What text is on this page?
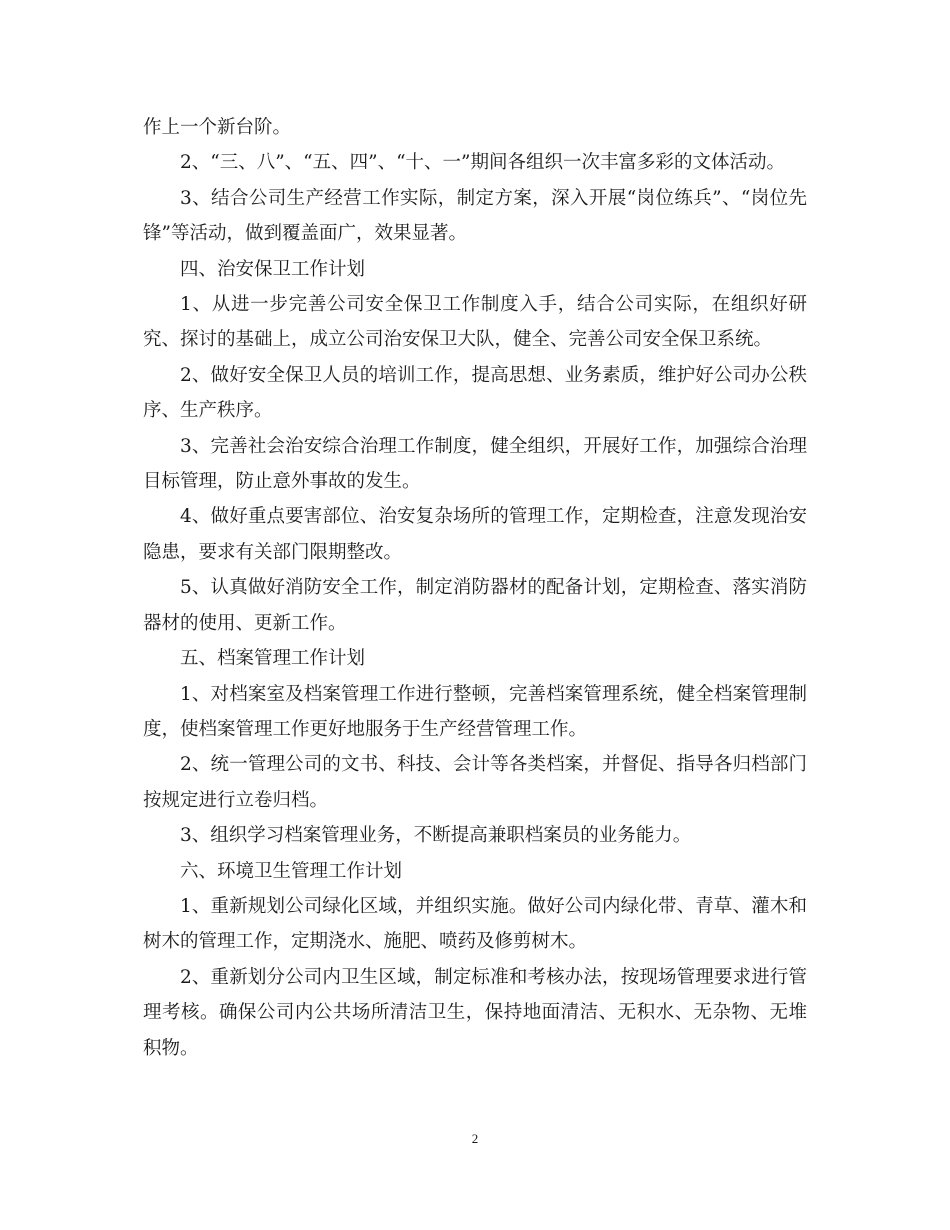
作上一个新台阶。

2、“三、八”、“五、四”、“十、一”期间各组织一次丰富多彩的文体活动。

3、结合公司生产经营工作实际，制定方案，深入开展“岗位练兵”、“岗位先锋”等活动，做到覆盖面广，效果显著。

四、治安保卫工作计划

1、从进一步完善公司安全保卫工作制度入手，结合公司实际，在组织好研究、探讨的基础上，成立公司治安保卫大队，健全、完善公司安全保卫系统。

2、做好安全保卫人员的培训工作，提高思想、业务素质，维护好公司办公秩序、生产秩序。

3、完善社会治安综合治理工作制度，健全组织，开展好工作，加强综合治理目标管理，防止意外事故的发生。

4、做好重点要害部位、治安复杂场所的管理工作，定期检查，注意发现治安隐患，要求有关部门限期整改。

5、认真做好消防安全工作，制定消防器材的配备计划，定期检查、落实消防器材的使用、更新工作。

五、档案管理工作计划

1、对档案室及档案管理工作进行整顿，完善档案管理系统，健全档案管理制度，使档案管理工作更好地服务于生产经营管理工作。

2、统一管理公司的文书、科技、会计等各类档案，并督促、指导各归档部门按规定进行立卷归档。

3、组织学习档案管理业务，不断提高兼职档案员的业务能力。

六、环境卫生管理工作计划

1、重新规划公司绿化区域，并组织实施。做好公司内绿化带、青草、灌木和树木的管理工作，定期浇水、施肥、喷药及修剪树木。

2、重新划分公司内卫生区域，制定标准和考核办法，按现场管理要求进行管理考核。确保公司内公共场所清洁卫生，保持地面清洁、无积水、无杂物、无堆积物。

2
